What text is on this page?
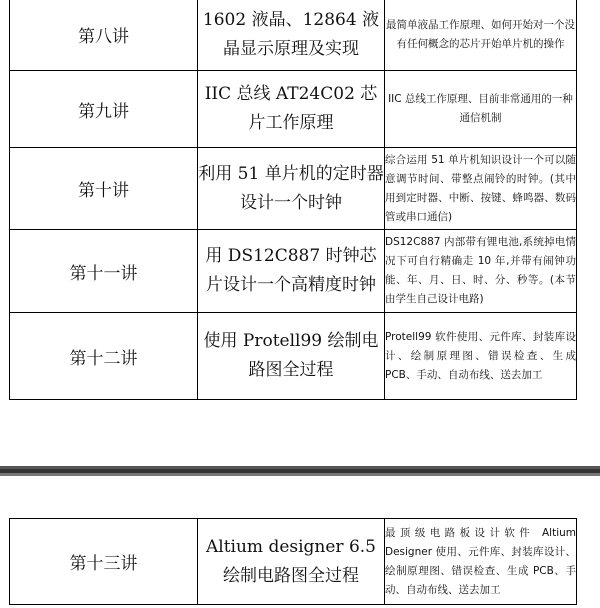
第八讲	1602 液晶、12864 液晶显示原理及实现	最简单液晶工作原理、如何开始对一个没有任何概念的芯片开始单片机的操作
第九讲	IIC 总线 AT24C02 芯片工作原理	IIC 总线工作原理、目前非常通用的一种通信机制
第十讲	利用 51 单片机的定时器设计一个时钟	综合运用 51 单片机知识设计一个可以随意调节时间、带整点闹铃的时钟。(其中用到定时器、中断、按键、蜂鸣器、数码管或串口通信)
第十一讲	用 DS12C887 时钟芯片设计一个高精度时钟	DS12C887 内部带有锂电池,系统掉电情况下可自行精确走 10 年,并带有闹钟功能、年、月、日、时、分、秒等。(本节由学生自己设计电路)
第十二讲	使用 Protell99 绘制电路图全过程	Protell99 软件使用、元件库、封装库设计、绘制原理图、错误检查、生成 PCB、手动、自动布线、送去加工
第十三讲	Altium designer 6.5 绘制电路图全过程	最顶级电路板设计软件 Altium Designer 使用、元件库、封装库设计、绘制原理图、错误检查、生成 PCB、手动、自动布线、送去加工
